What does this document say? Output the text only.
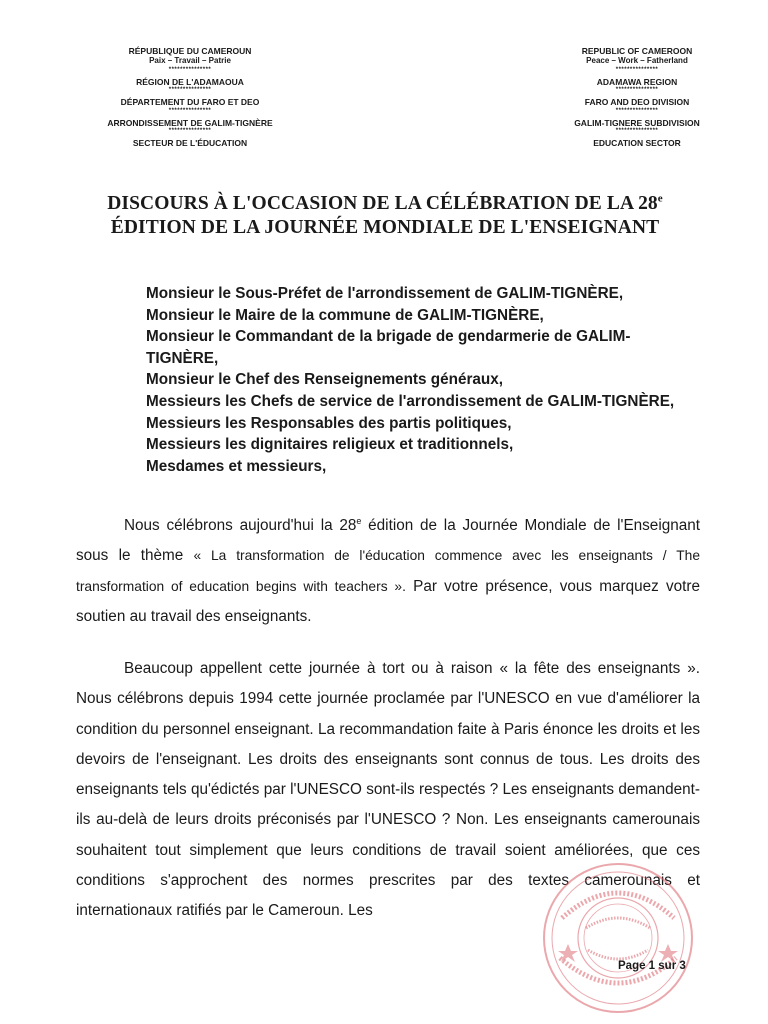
RÉPUBLIQUE DU CAMEROUN
Paix – Travail – Patrie
***************
RÉGION DE L'ADAMAOUA
***************
DÉPARTEMENT DU FARO ET DEO
***************
ARRONDISSEMENT DE GALIM-TIGNÈRE
***************
SECTEUR DE L'ÉDUCATION
REPUBLIC OF CAMEROON
Peace – Work – Fatherland
***************
ADAMAWA REGION
***************
FARO AND DEO DIVISION
***************
GALIM-TIGNERE SUBDIVISION
***************
EDUCATION SECTOR
DISCOURS À L'OCCASION DE LA CÉLÉBRATION DE LA 28e
ÉDITION DE LA JOURNÉE MONDIALE DE L'ENSEIGNANT
Monsieur le Sous-Préfet de l'arrondissement de GALIM-TIGNÈRE,
Monsieur le Maire de la commune de GALIM-TIGNÈRE,
Monsieur le Commandant de la brigade de gendarmerie de GALIM-
TIGNÈRE,
Monsieur le Chef des Renseignements généraux,
Messieurs les Chefs de service de l'arrondissement de GALIM-TIGNÈRE,
Messieurs les Responsables des partis politiques,
Messieurs les dignitaires religieux et traditionnels,
Mesdames et messieurs,
Nous célébrons aujourd'hui la 28e édition de la Journée Mondiale de l'Enseignant sous le thème « La transformation de l'éducation commence avec les enseignants / The transformation of education begins with teachers ». Par votre présence, vous marquez votre soutien au travail des enseignants.
Beaucoup appellent cette journée à tort ou à raison « la fête des enseignants ». Nous célébrons depuis 1994 cette journée proclamée par l'UNESCO en vue d'améliorer la condition du personnel enseignant. La recommandation faite à Paris énonce les droits et les devoirs de l'enseignant. Les droits des enseignants sont connus de tous. Les droits des enseignants tels qu'édictés par l'UNESCO sont-ils respectés ? Les enseignants demandent-ils au-delà de leurs droits préconisés par l'UNESCO ? Non. Les enseignants camerounais souhaitent tout simplement que leurs conditions de travail soient améliorées, que ces conditions s'approchent des normes prescrites par des textes camerounais et internationaux ratifiés par le Cameroun. Les
Page 1 sur 3
